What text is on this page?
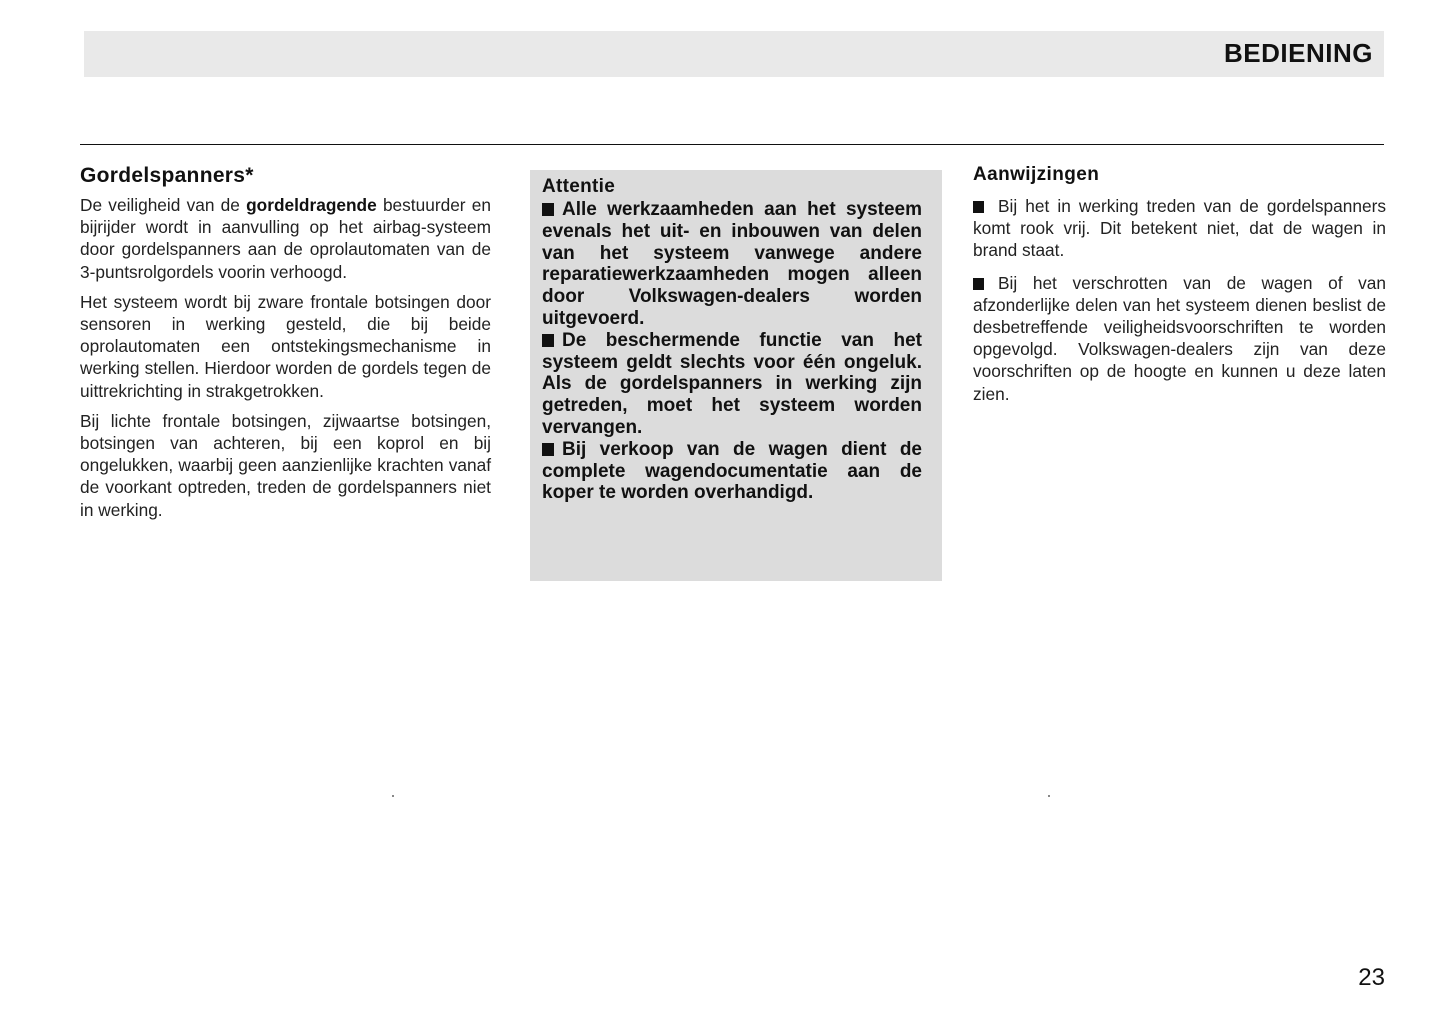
BEDIENING
Gordelspanners*

De veiligheid van de gordeldragende bestuurder en bijrijder wordt in aanvulling op het airbag-systeem door gordelspanners aan de oprolautomaten van de 3-puntsrolgordels voorin verhoogd.

Het systeem wordt bij zware frontale botsingen door sensoren in werking gesteld, die bij beide oprolautomaten een ontstekingsmechanisme in werking stellen. Hierdoor worden de gordels tegen de uittrekrichting in strakgetrokken.

Bij lichte frontale botsingen, zijwaartse botsingen, botsingen van achteren, bij een koprol en bij ongelukken, waarbij geen aanzienlijke krachten vanaf de voorkant optreden, treden de gordelspanners niet in werking.

Attentie

Alle werkzaamheden aan het systeem evenals het uit- en inbouwen van delen van het systeem vanwege andere reparatiewerkzaamheden mogen alleen door Volkswagen-dealers worden uitgevoerd.

De beschermende functie van het systeem geldt slechts voor één ongeluk. Als de gordelspanners in werking zijn getreden, moet het systeem worden vervangen.

Bij verkoop van de wagen dient de complete wagendocumentatie aan de koper te worden overhandigd.

Aanwijzingen

Bij het in werking treden van de gordelspanners komt rook vrij. Dit betekent niet, dat de wagen in brand staat.

Bij het verschrotten van de wagen of van afzonderlijke delen van het systeem dienen beslist de desbetreffende veiligheidsvoorschriften te worden opgevolgd. Volkswagen-dealers zijn van deze voorschriften op de hoogte en kunnen u deze laten zien.

23
